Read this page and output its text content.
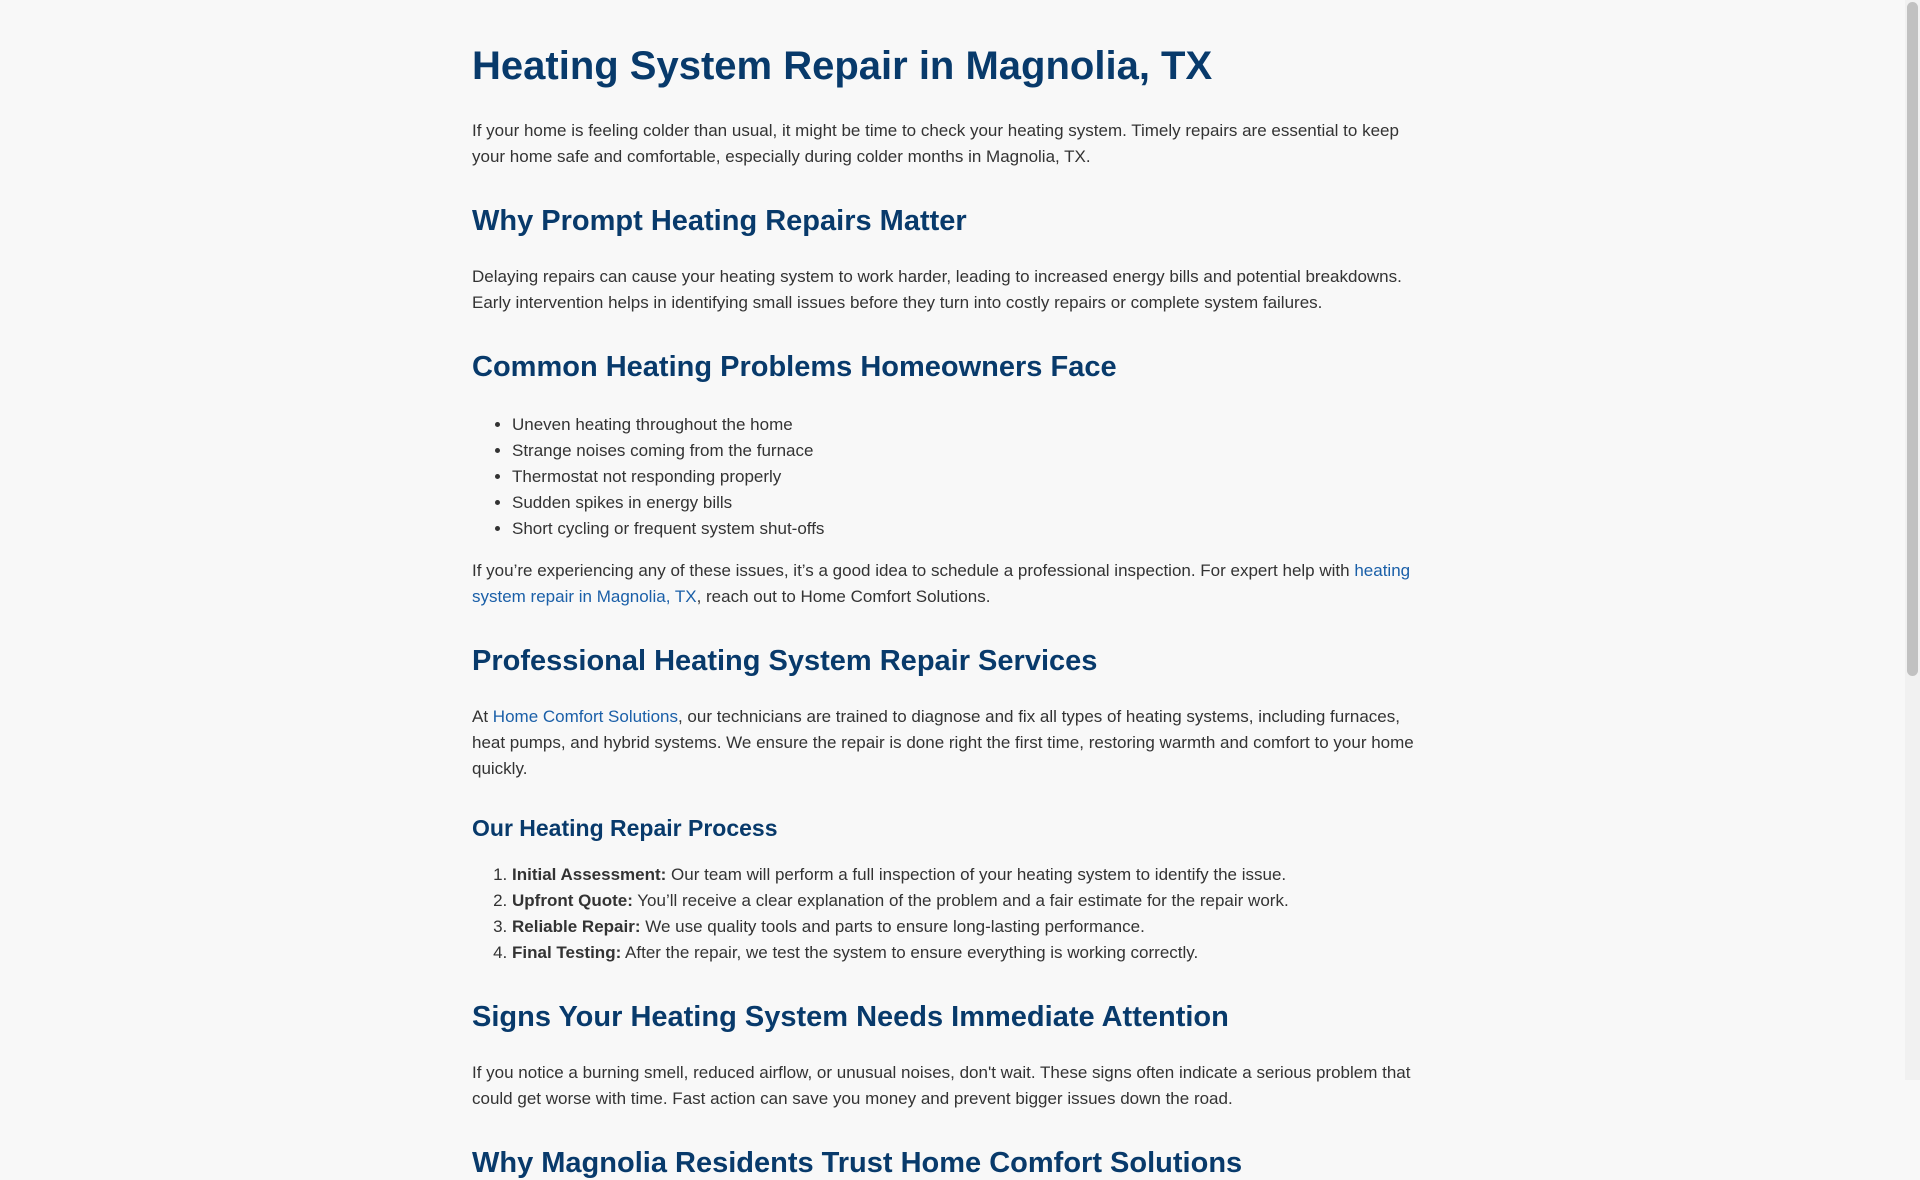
Heating System Repair in Magnolia, TX

If your home is feeling colder than usual, it might be time to check your heating system. Timely repairs are essential to keep your home safe and comfortable, especially during colder months in Magnolia, TX.

Why Prompt Heating Repairs Matter

Delaying repairs can cause your heating system to work harder, leading to increased energy bills and potential breakdowns. Early intervention helps in identifying small issues before they turn into costly repairs or complete system failures.

Common Heating Problems Homeowners Face
• Uneven heating throughout the home
• Strange noises coming from the furnace
• Thermostat not responding properly
• Sudden spikes in energy bills
• Short cycling or frequent system shut-offs

If you’re experiencing any of these issues, it’s a good idea to schedule a professional inspection. For expert help with heating system repair in Magnolia, TX, reach out to Home Comfort Solutions.

Professional Heating System Repair Services

At Home Comfort Solutions, our technicians are trained to diagnose and fix all types of heating systems, including furnaces, heat pumps, and hybrid systems. We ensure the repair is done right the first time, restoring warmth and comfort to your home quickly.

Our Heating Repair Process
1. Initial Assessment: Our team will perform a full inspection of your heating system to identify the issue.
2. Upfront Quote: You’ll receive a clear explanation of the problem and a fair estimate for the repair work.
3. Reliable Repair: We use quality tools and parts to ensure long-lasting performance.
4. Final Testing: After the repair, we test the system to ensure everything is working correctly.
Signs Your Heating System Needs Immediate Attention

If you notice a burning smell, reduced airflow, or unusual noises, don't wait. These signs often indicate a serious problem that could get worse with time. Fast action can save you money and prevent bigger issues down the road.

Why Magnolia Residents Trust Home Comfort Solutions
